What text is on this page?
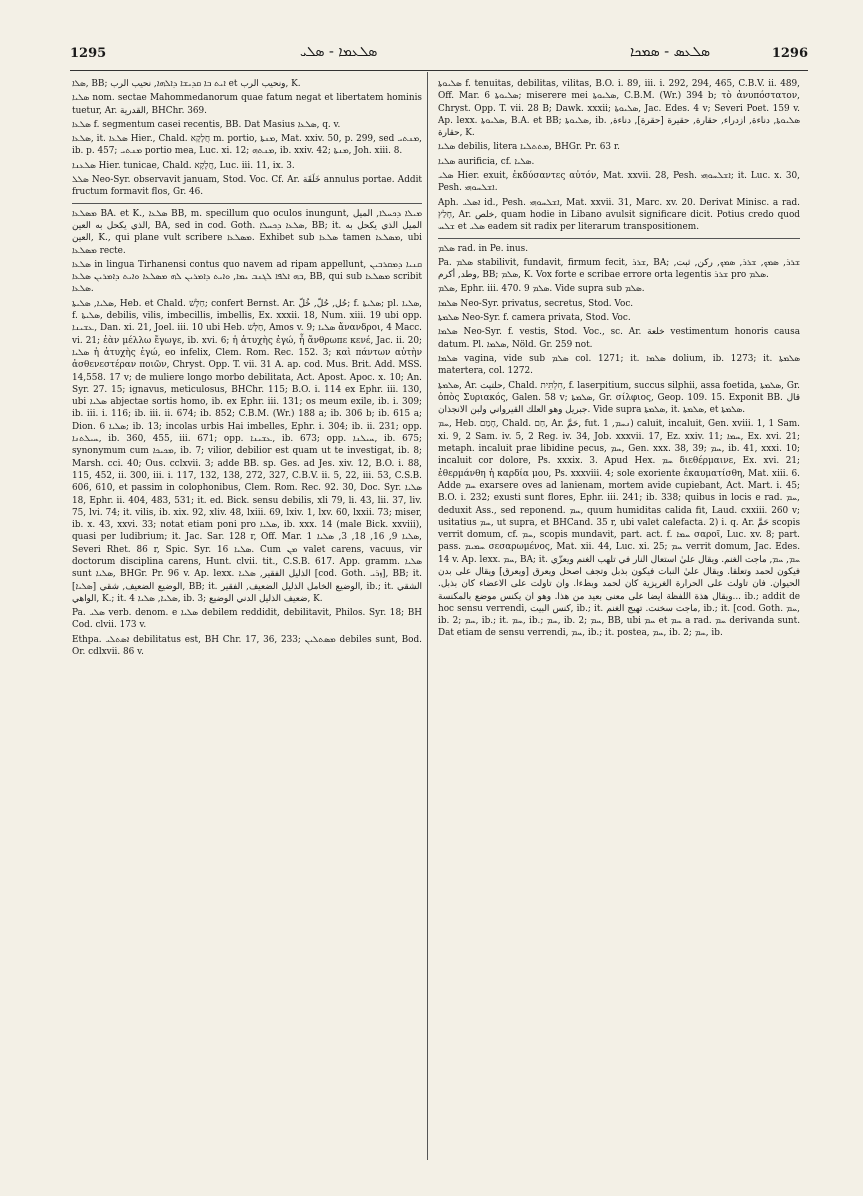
1295	ܣܠܥܡܐ - ܣܠܝ	ܣܠܥܣ - ܣܡܟܐ	1296

ܣܠܐ, BB; ܐܝܬ ܒܐ ܩܕܝܫܐ ܕܐܠܗܐ, نحيب الرب et ونحيب الرب, K.

ܣܠܝܐ nom. sectae Mahommedanorum quae fatum negat et libertatem hominis tuetur, Ar. القدرية, BHChr. 369.

ܣܠܥܐ f. segmentum casei recentis, BB. Dat Masius ܣܠܥܐ, q. v.

ܣܠܥܐ, it. ܣܠܥܐ Hier., Chald. חֲלָקָא m. portio, ܡܢܬܐ, Mat. xxiv. 50, p. 299, sed ܡܢܬܝ, ib. p. 457; ܡܢܬܝ portio mea, Luc. xi. 12; ܡܢܬܗ, ib. xxiv. 42; ܡܢܬܐ, Joh. xiii. 8.

ܣܠܥܢܐ Hier. tunicae, Chald. חֲלָקָא, Luc. iii. 11, ix. 3.

ܣܠܠ Neo-Syr. observavit januam, Stod. Voc. Cf. Ar. خَلَقَة annulus portae. Addit fructum formavit flos, Gr. 46.

ܡܣܠܥܐ BA. et K., ܣܠܥܐ BB, m. specillum quo oculos inungunt, ܡܝܠܐ ܕܟܚܠܐ, الميل الذي يكحل به العين, BA, sed in cod. Goth. ܣܠܥܐ ܕܟܚܠܐ, BB; it. الميل الذي يكحل به العين, K., qui plane vult scribere ܡܣܠܥܐ. Exhibet sub ܣܠܥܐ tamen ܡܣܠܥܐ, ubi ܡܣܠܥܐ recte.

ܣܠܥܐ in lingua Tirhanensi contus quo navem ad ripam appellunt, ܩܢܝܐ ܕܡܩܪܒܝܢ ܒܗ ܐܠܦܐ ܠܓܢܒ ܝܡܐ, ܘܐܝܬ ܕܐܡܪܝܢ ܠܗ ܡܣܠܥܐ ܘܐܝܬ ܕܐܡܪܝܢ ܣܠܥܐ, BB, qui sub ܡܣܠܥܐ scribit ܣܠܥܐ.

ܣܠܝܐ, ܣܠܝܬܐ, Heb. et Chald. חַלָּשׁ; confert Bernst. Ar. حُل, حُلّ, خُلّ; f. ܣܠܝܬܐ; pl. ܣܠܝܐ, f. ܣܠܝܬܐ, debilis, vilis, imbecillis, imbellis, Ex. xxxii. 18, Num. xiii. 19 ubi opp. ܥܫܝܢܐ, Dan. xi. 21, Joel. iii. 10 ubi Heb. חַלָּשׁ, Amos v. 9; ܣܠܝܐ ἄνανδροι, 4 Macc. vi. 21; ἐὰν μέλλω ἔγωγε, ib. xvi. 6; ἡ ἀτυχὴς ἐγώ, ἦ ἄνθρωπε κενέ, Jac. ii. 20; ܣܠܝܐ ἡ ἀτυχὴς ἐγώ, eo infelix, Clem. Rom. Rec. 152. 3; καὶ πάντων αὐτὴν ἀσθενεστέραν ποιῶν, Chryst. Opp. T. vii. 31 A. ap. cod. Mus. Brit. Add. MSS. 14,558. 17 v; de muliere longo morbo debilitata, Act. Apost. Apoc. x. 10; An. Syr. 27. 15; ignavus, meticulosus, BHChr. 115; B.O. i. 114 ex Ephr. iii. 130, ubi ܣܠܝܐ abjectae sortis homo, ib. ex Ephr. iii. 131; os meum exile, ib. i. 309; ib. iii. i. 116; ib. iii. ii. 674; ib. 852; C.B.M. (Wr.) 188 a; ib. 306 b; ib. 615 a; Dion. ܣܠܝܐ 6; ib. 13; incolas urbis Hai imbelles, Ephr. i. 304; ib. ii. 231; opp. ܚܝܠܬܢܐ, ib. 360, 455, iii. 671; opp. ܥܫܝܢܐ, ib. 673; opp. ܚܝܠܢܐ, ib. 675; synonymum cum ܡܟܝܟܐ, ib. 7; vilior, debilior est quam ut te investigat, ib. 8; Marsh. cci. 40; Ous. cclxvii. 3; adde BB. sp. Ges. ad Jes. xiv. 12, B.O. i. 88, 115, 452, ii. 300, iii. i. 117, 132, 138, 272, 327, C.B.V. ii. 5, 22, iii. 53, C.S.B. 606, 610, et passim in colophonibus, Clem. Rom. Rec. 92. 30, Doc. Syr. ܣܠܝܐ 18, Ephr. ii. 404, 483, 531; it. ed. Bick. sensu debilis, xli 79, li. 43, lii. 37, liv. 75, lvi. 74; it. vilis, ib. xix. 92, xliv. 48, lxiii. 69, lxiv. 1, lxv. 60, lxxii. 73; miser, ib. x. 43, xxvi. 33; notat etiam poni pro ܣܠܝܐ, ib. xxx. 14 (male Bick. xxviii), quasi per ludibrium; it. Jac. Sar. 128 r, Off. Mar. ܣܠܝܐ 9, 16, 18, 3, ܣܠܝܐ 1, Severi Rhet. 86 r, Spic. Syr. ܣܠܝܐ 16. Cum ܡܢ valet carens, vacuus, vir doctorum disciplina carens, Hunt. clvii. tit., C.S.B. 617. App. gramm. ܣܠܝܐ sunt ܣܠܝܐ, BHGr. Pr. 96 v. Ap. lexx. الذليل الفقير, ܣܠܝܐ [cod. Goth. ܙܪܝ], BB; it. الوضيع الضعيف, شقي [ܣܠܝܐ], BB; it. الوضيع الخامل الذليل الضعيف, الفقير, ib.; it. الشقي الواهي, K.; it. ܣܠܝܐ, ܣܠܝܐ 4, ib. 3; ضعيف الذليل الدني الوضيع, K.

Pa. ܣܠܝ verb. denom. e ܣܠܝܐ debilem reddidit, debilitavit, Philos. Syr. 18; BH Cod. clvii. 173 v.

Ethpa. ܐܣܬܠܝ debilitatus est, BH Chr. 17, 36, 233; ܡܣܬܠܝܢ debiles sunt, Bod. Or. cdlxvii. 86 v.

ܣܠܝܘܬܐ f. tenuitas, debilitas, vilitas, B.O. i. 89, iii. i. 292, 294, 465, C.B.V. ii. 489, Off. Mar. ܣܠܝܘܬܐ 6; miserere mei ܣܠܝܘܬܐ, C.B.M. (Wr.) 394 b; τὸ ἀνυπόστατον, Chryst. Opp. T. vii. 28 B; Dawk. xxxii; ܣܠܝܘܬܐ, Jac. Edes. 4 v; Severi Poet. 159 v. Ap. lexx. ܣܠܝܘܬܐ, B.A. et BB; ܣܠܝܘܬܐ, ib. ܣܠܝܘܬܐ, دناءة, ازدراء, حقارة, حقيرة [حقرة], دناءة, حقارة, K.

ܣܠܝܐ debilis, litera ܡܬܬܠܝܐ, BHGr. Pr. 63 r.

ܣܠܝܐ aurificia, cf. ܣܠܝܐ.

ܣܠܝ Hier. exuit, ἐκδύσαντες αὐτόν, Mat. xxvii. 28, Pesh. ܐܫܠܚܘܗܝ; it. Luc. x. 30, Pesh. ܐܫܠܚܘܗܝ.

Aph. ܐܣܠܝ id., Pesh. ܐܫܠܚܘܗܝ, Mat. xxvii. 31, Marc. xv. 20. Derivat Minisc. a rad. חָלַץ, Ar. خلص, quam hodie in Libano avulsit significare dicit. Potius credo quod ܫܠܚ et ܣܠܝ eadem sit radix per literarum transpositionem.

ܣܠܡ rad. in Pe. inus.

Pa. ܣܠܡ stabilivit, fundavit, firmum fecit, ܫܪܪ, BA; ܫܪܪ, ܣܡܟ, ܫܪܪ, ܣܡܟ, ركن, ثبت, وطد, أكرم, BB; ܣܠܡ, K. Vox forte e scribae errore orta legentis ܫܪܪ pro ܣܠܡ.

ܣܠܡ, Ephr. iii. 470. 9 ܣܠܡ. Vide supra sub ܣܠܡ.

ܣܠܡܐ Neo-Syr. privatus, secretus, Stod. Voc.

ܣܠܡܬܐ Neo-Syr. f. camera privata, Stod. Voc.

ܣܠܡܐ Neo-Syr. f. vestis, Stod. Voc., sc. Ar. خلعة vestimentum honoris causa datum. Pl. ܣܠܡܐ, Nöld. Gr. 259 not.

ܣܠܡܐ vagina, vide sub ܣܠܡ col. 1271; it. ܣܠܡܐ dolium, ib. 1273; it. ܣܠܡܬܐ matertera, col. 1272.

ܣܠܡܬܐ, Ar. حلتيت, Chald. חִלְתִּית, f. laserpitium, succus silphii, assa foetida, ܣܠܡܬܐ, Gr. ὀπὸς Συριακός, Galen. 58 v; ܣܠܡܬܐ, Gr. σίλφιος, Geop. 109. 15. Exponit BB. قال جبريل وهو العلك القيرواني ولبن الانجذان. Vide supra ܣܠܡܬܐ, it. ܣܠܡܬܐ, et ܣܠܡܬܐ.

ܚܡ, Heb. חָמַם, Chald. חַם, Ar. حَمَّ, fut. ܢܚܡ, 1) caluit, incaluit, Gen. xviii. 1, 1 Sam. xi. 9, 2 Sam. iv. 5, 2 Reg. iv. 34, Job. xxxvii. 17, Ez. xxiv. 11; ܚܡܐ, Ex. xvi. 21; metaph. incaluit prae libidine pecus, ܚܡ, Gen. xxx. 38, 39; ܚܡ, ib. 41, xxxi. 10; incaluit cor dolore, Ps. xxxix. 3. Apud Hex. ܚܡ διεθέρμαινε, Ex. xvi. 21; ἐθερμάνθη ἡ καρδία μου, Ps. xxxviii. 4; sole exoriente ἐκαυματίσθη, Mat. xiii. 6. Adde ܚܡ exarsere oves ad lanienam, mortem avide cupiebant, Act. Mart. i. 45; B.O. i. 232; exusti sunt flores, Ephr. iii. 241; ib. 338; quibus in locis e rad. ܚܡ, deduxit Ass., sed reponend. ܚܡ, quum humiditas calida fit, Laud. cxxiii. 260 v; usitatius ܚܡ, ut supra, et BHCand. 35 r, ubi valet calefacta. 2) i. q. Ar. حَمَّ scopis verrit domum, cf. ܚܡ, scopis mundavit, part. act. f. ܚܡܐ σαροῖ, Luc. xv. 8; part. pass. ܚܡܝܡ σεσαρωμένος, Mat. xii. 44, Luc. xi. 25; ܚܡ verrit domum, Jac. Edes. 14 v. Ap. lexx. ܚܡ, BA; it. ܚܡ, ܚܡ, ماجت الغنم. ويقال عليٰ استعال النار في تلهب الغنم ويعزّي فيكون لحمد وتعلقا. ويقال عليٰ النبات فيكون بذبل وتجف اصحل ويعرق [ويعرق] ويقال على بدن الحيوان. فان تاولت على الحرارة الغريزية كان لحمد وبطءا. وان تاولت على الاعضاء كان بذبل. ويقال هذة اللفظة ايضا على معنى بعيد من هذا. وهو ان يكنس موضع بالمكنسة... ib.; addit de hoc sensu verrendi, كنس البيت, ib.; it. ماجت سخنت. تهيج الغنم, ib.; it. [cod. Goth. ܚܡ, ib. 2; ܚܡ, ib.; it. ܚܡ, ib.; ܚܡ, ib. 2; ܚܡ, BB, ubi ܚܡ et ܚܡ a rad. ܚܡ derivanda sunt. Dat etiam de sensu verrendi, ܚܡ, ib.; it. postea, ܚܡ, ib. 2; ܚܡ, ib.
